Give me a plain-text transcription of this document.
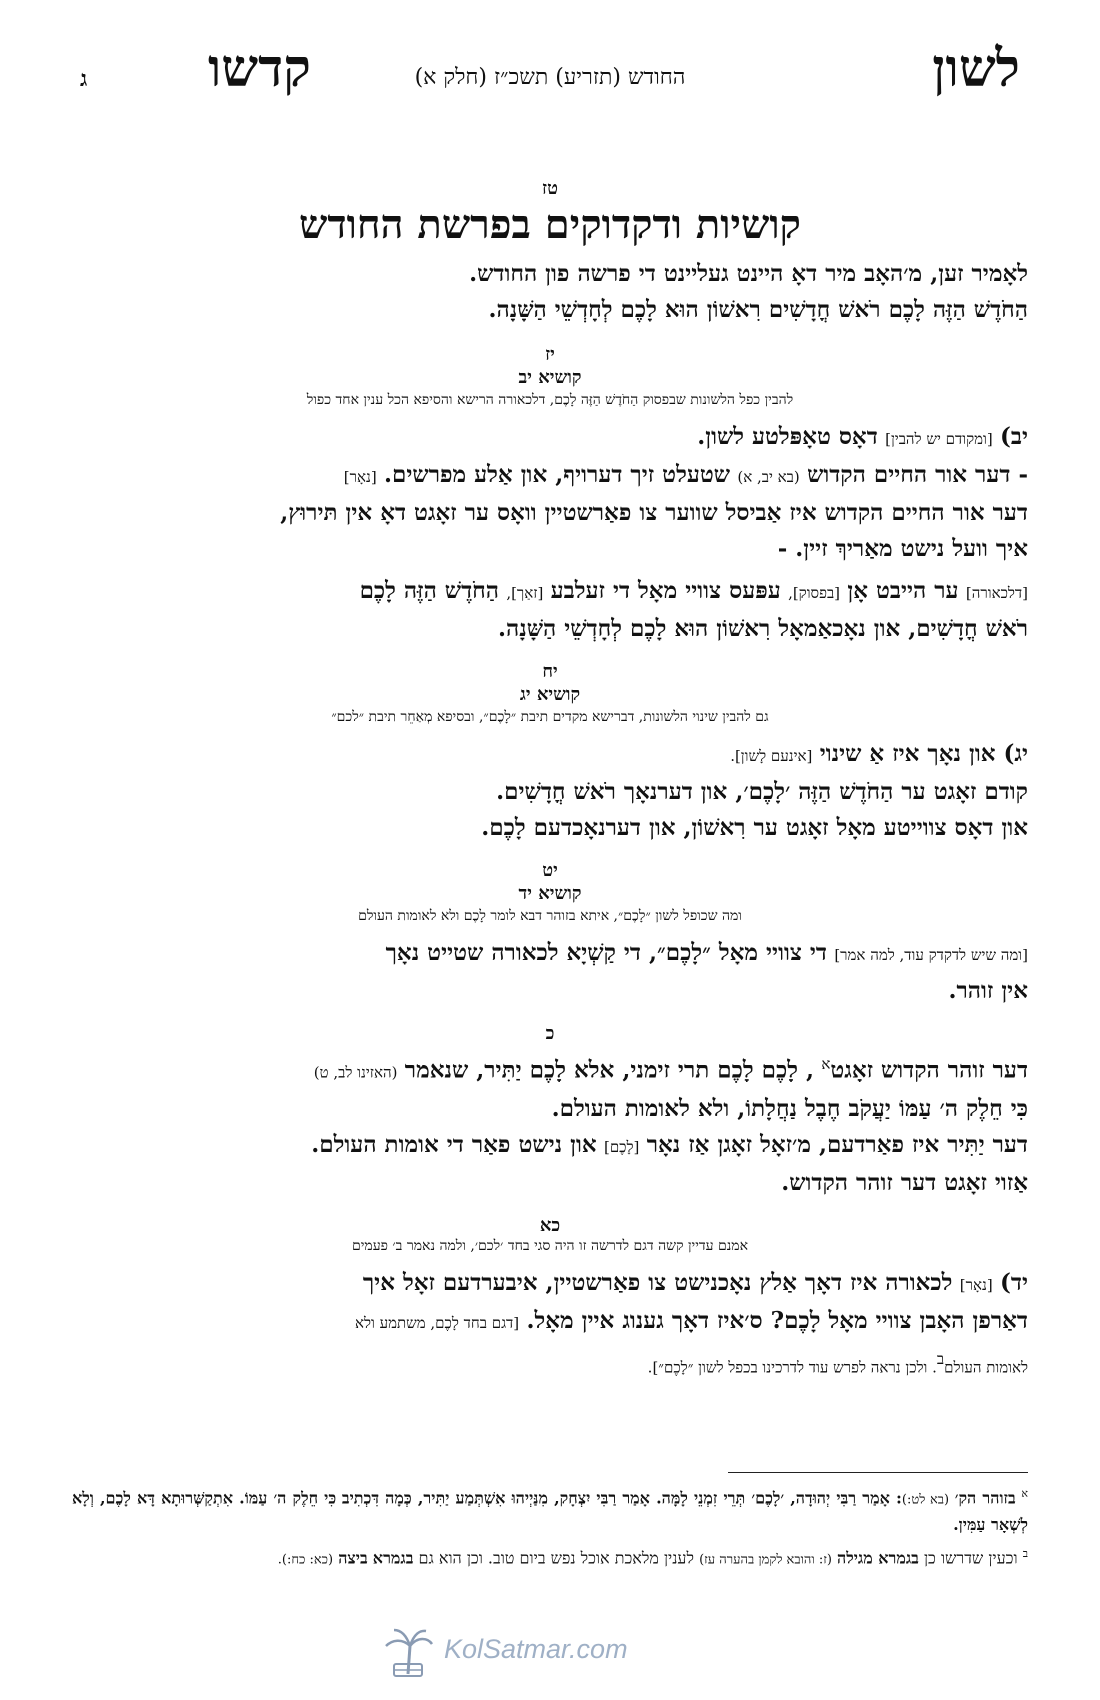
לשון
החודש (תזריע) תשכ״ז (חלק א)
קדשו
ג
טז
קושיות ודקדוקים בפרשת החודש

לאָמיר זען, מ׳האָב מיר דאָ היינט געליינט די פרשה פון החודש.

הַחֹדֶשׁ הַזֶּה לָכֶם רֹאשׁ חֳדָשִׁים רִאשׁוֹן הוּא לָכֶם לְחָדְשֵׁי הַשָּׁנָה.

יז
קושיא יב
להבין כפל הלשונות שבפסוק הַחֹדֶשׁ הַזֶּה לָכֶם, דלכאורה הרישא והסיפא הכל ענין אחד כפול

יב) [ומקודם יש להבין] דאָס טאָפּלטע לשון.

- דער אור החיים הקדוש (בא יב, א) שטעלט זיך דערויף, און אַלע מפרשים. [נאָר]

דער אור החיים הקדוש איז אַביסל שווער צו פאַרשטיין וואָס ער זאָגט דאָ אין תּירוּץ,

איך וועל נישט מאַריךְ זיין. -

[דלכאורה] ער הייבט אָן [בפסוק], עפּעס צוויי מאָל די זעלבע [זאַך], הַחֹדֶשׁ הַזֶּה לָכֶם

רֹאשׁ חֳדָשִׁים, און נאָכאַמאָל רִאשׁוֹן הוּא לָכֶם לְחָדְשֵׁי הַשָּׁנָה.

יח
קושיא יג
גם להבין שינוי הלשונות, דברישא מקדים תיבת ״לָכֶם״, ובסיפא מְאַחֵר תיבת ״לכם״

יג) און נאָך איז אַ שינוי [אינעם לָשון].

קודם זאָגט ער הַחֹדֶשׁ הַזֶּה ׳לָכֶם׳, און דערנאָך רֹאשׁ חֳדָשִׁים.

און דאָס צווייטע מאָל זאָגט ער רִאשׁוֹן, און דערנאָכדעם לָכֶם.

יט
קושיא יד
ומה שכופל לשון ״לָכֶם״, איתא בזוהר דבא לומר לָכֶם ולא לאומות העולם

[ומה שיש לדקדק עוד, למה אמר] די צוויי מאָל ״לָכֶם״, די קַשְׁיָא לכאורה שטייט נאָך

אין זוהר.

כ

דער זוהר הקדוש זאָגט$^א$ , לָכֶם לָכֶם תרי זימני, אלא לָכֶם יַתִּיר, שנאמר (האזינו לב, ט)

כִּי חֵלֶק ה׳ עַמּוֹ יַעֲקֹב חֶבֶל נַחֲלָתוֹ, ולא לאומות העולם.

דער יַתִּיר איז פאַרדעם, מ׳זאָל זאָגן אַז נאָר [לָכֶם] און נישט פאַר די אומות העולם.

אַזוי זאָגט דער זוהר הקדוש.

כא
אמנם עדיין קשה דגם לדרשה זו היה סגי בחד ׳לכם׳, ולמה נאמר ב׳ פעמים

יד) [נאָר] לכאורה איז דאָך אַלץ נאָכנישט צו פאַרשטיין, איבערדעם זאָל איך

דאַרפן האָבן צוויי מאָל לָכֶם? ס׳איז דאָך גענוג איין מאָל. [דגם בחד לָכֶם, משתמע ולא

לאומות העולם$^ב$. ולכן נראה לפרש עוד לדרכינו בכפל לשון ״לָכֶם״].

$^א$ בזוהר הק׳ (בא לט:): אָמַר רַבִּי יְהוּדָה, ׳לָכֶם׳ תְּרֵי זִמְנֵי לָמָּה. אָמַר רַבִּי יִצְחָק, מִנַּיְיהוּ אִשְׁתְּמַע יַתִּיר, כְּמָה דִּכְתִיב כִּי חֵלֶק ה׳ עַמּוֹ. אִתְקַשְּׁרוּתָא דָּא לָכֶם, וְלָא לְשְׁאָר עַמִּין.

$^ב$ וכעין שדרשו כן בגמרא מגילה (ז: והובא לקמן בהערה עז) לענין מלאכת אוכל נפש ביום טוב. וכן הוא גם בגמרא ביצה (כא: כח:).

KolSatmar.com
